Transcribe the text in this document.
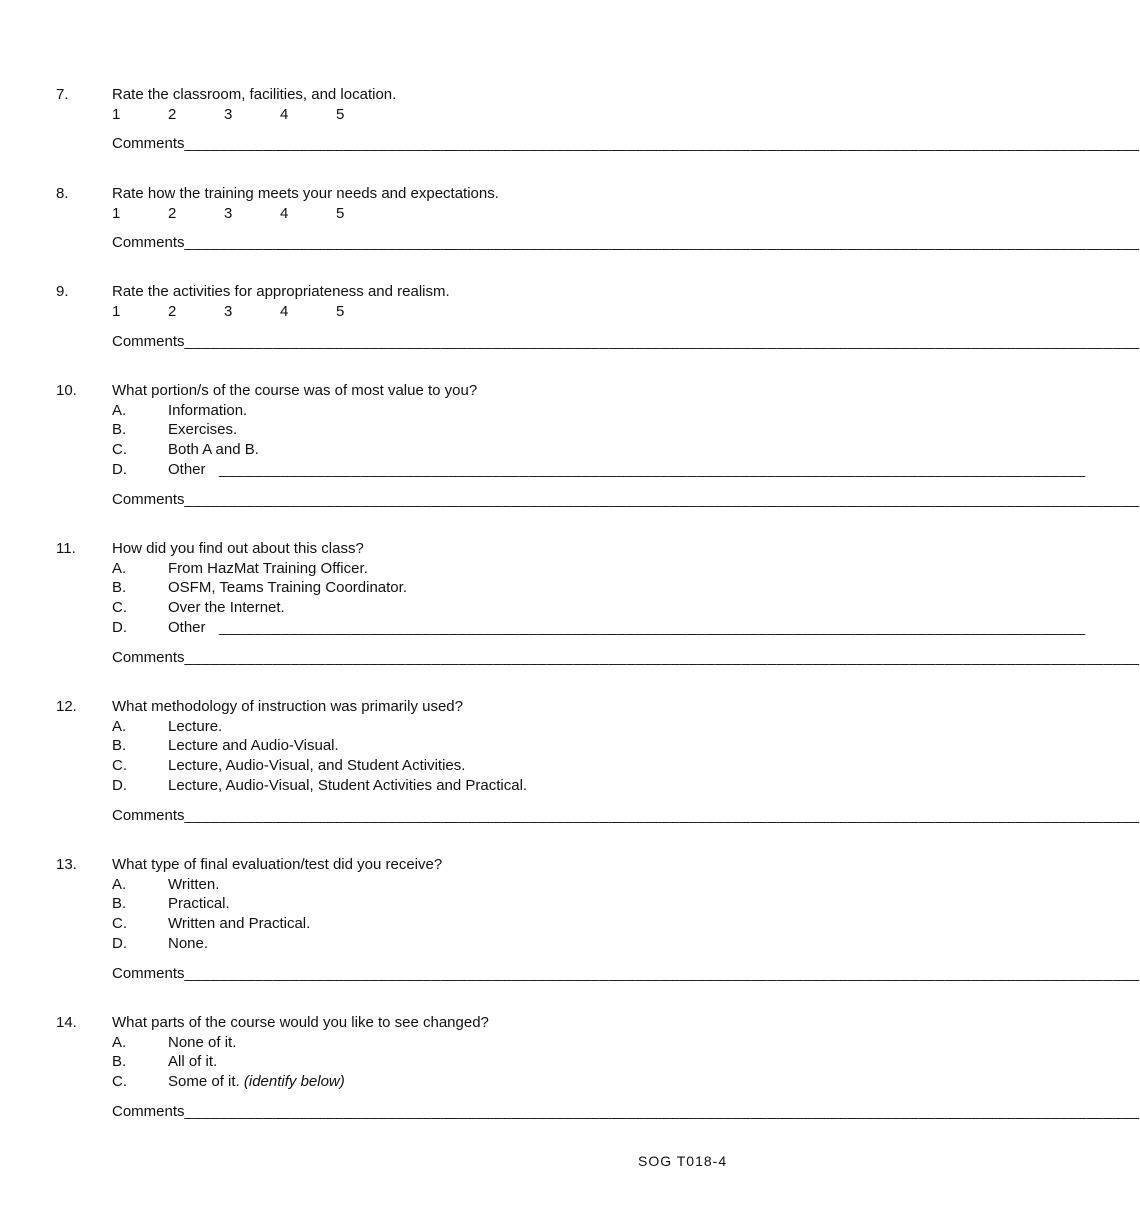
7.	Rate the classroom, facilities, and location.
1	2	3	4	5
Comments____________________________________________________________________________________________________________
8.	Rate how the training meets your needs and expectations.
1	2	3	4	5
Comments____________________________________________________________________________________________________________
9.	Rate the activities for appropriateness and realism.
1	2	3	4	5
Comments____________________________________________________________________________________________________________
10. What portion/s of the course was of most value to you?
A.	Information.
B.	Exercises.
C.	Both A and B.
D.	Other __________________________________________________________________________________________________
Comments____________________________________________________________________________________________________________
11. How did you find out about this class?
A.	From HazMat Training Officer.
B.	OSFM, Teams Training Coordinator.
C.	Over the Internet.
D.	Other __________________________________________________________________________________________________
Comments____________________________________________________________________________________________________________
12. What methodology of instruction was primarily used?
A.	Lecture.
B.	Lecture and Audio-Visual.
C.	Lecture, Audio-Visual, and Student Activities.
D.	Lecture, Audio-Visual, Student Activities and Practical.
Comments____________________________________________________________________________________________________________
13. What type of final evaluation/test did you receive?
A.	Written.
B.	Practical.
C.	Written and Practical.
D.	None.
Comments____________________________________________________________________________________________________________
14. What parts of the course would you like to see changed?
A.	None of it.
B.	All of it.
C.	Some of it. (identify below)
Comments____________________________________________________________________________________________________________
SOG T018-4
